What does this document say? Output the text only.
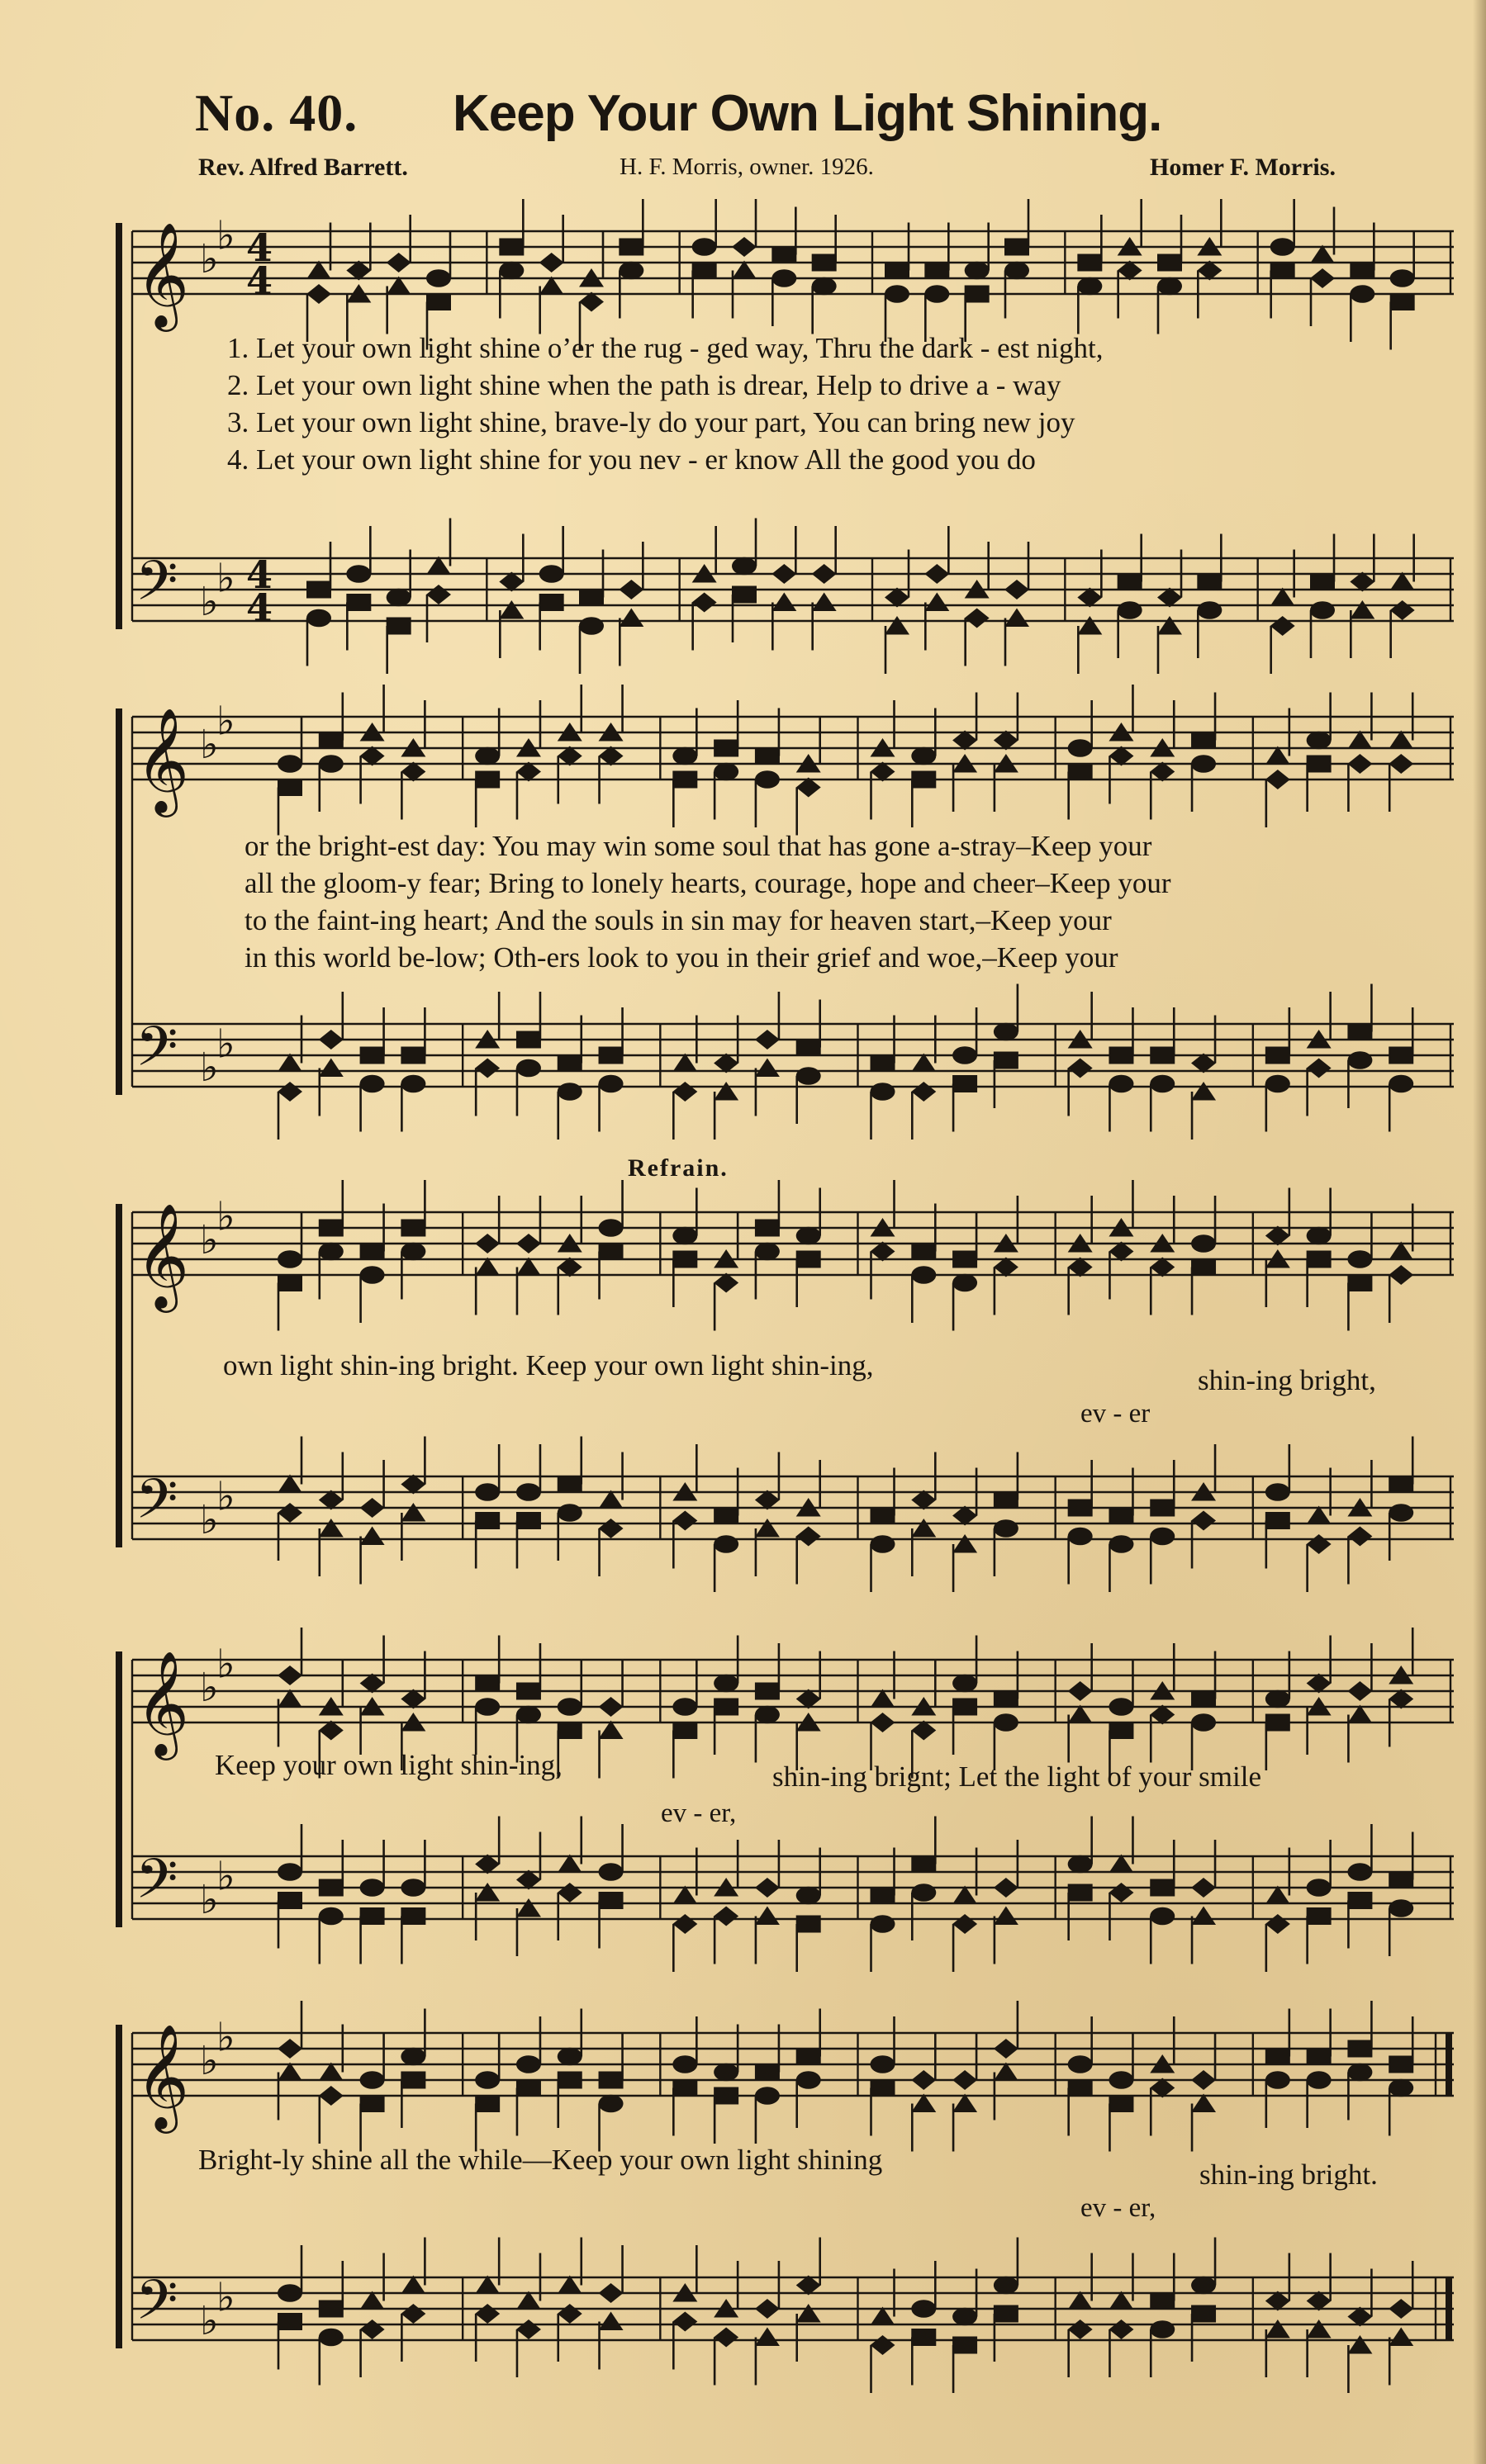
No. 40. Keep Your Own Light Shining.
Rev. Alfred Barrett.	H. F. Morris, owner. 1926.	Homer F. Morris.
𝄞
𝄢
♭
♭
♭
♭
4
4
4
4
1. Let your own light shine o’er the rug - ged way, Thru the dark - est night,
2. Let your own light shine when the path is drear, Help to drive a - way
3. Let your own light shine, brave-ly do your part, You can bring new joy
4. Let your own light shine for you nev - er know All the good you do
𝄞
𝄢
♭
♭
♭
♭
or the bright-est day: You may win some soul that has gone a-stray–Keep your
all the gloom-y fear; Bring to lonely hearts, courage, hope and cheer–Keep your
to the faint-ing heart; And the souls in sin may for heaven start,–Keep your
in this world be-low; Oth-ers look to you in their grief and woe,–Keep your
Refrain.
𝄞
𝄢
♭
♭
♭
♭
own light shin-ing bright. Keep your own light shin-ing,	shin-ing bright,
ev - er
𝄞
𝄢
♭
♭
♭
♭
Keep your own light shin-ing,	shin-ing brignt; Let the light of your smile
ev - er,
𝄞
𝄢
♭
♭
♭
♭
Bright-ly shine all the while—Keep your own light shining	shin-ing bright.
ev - er,
